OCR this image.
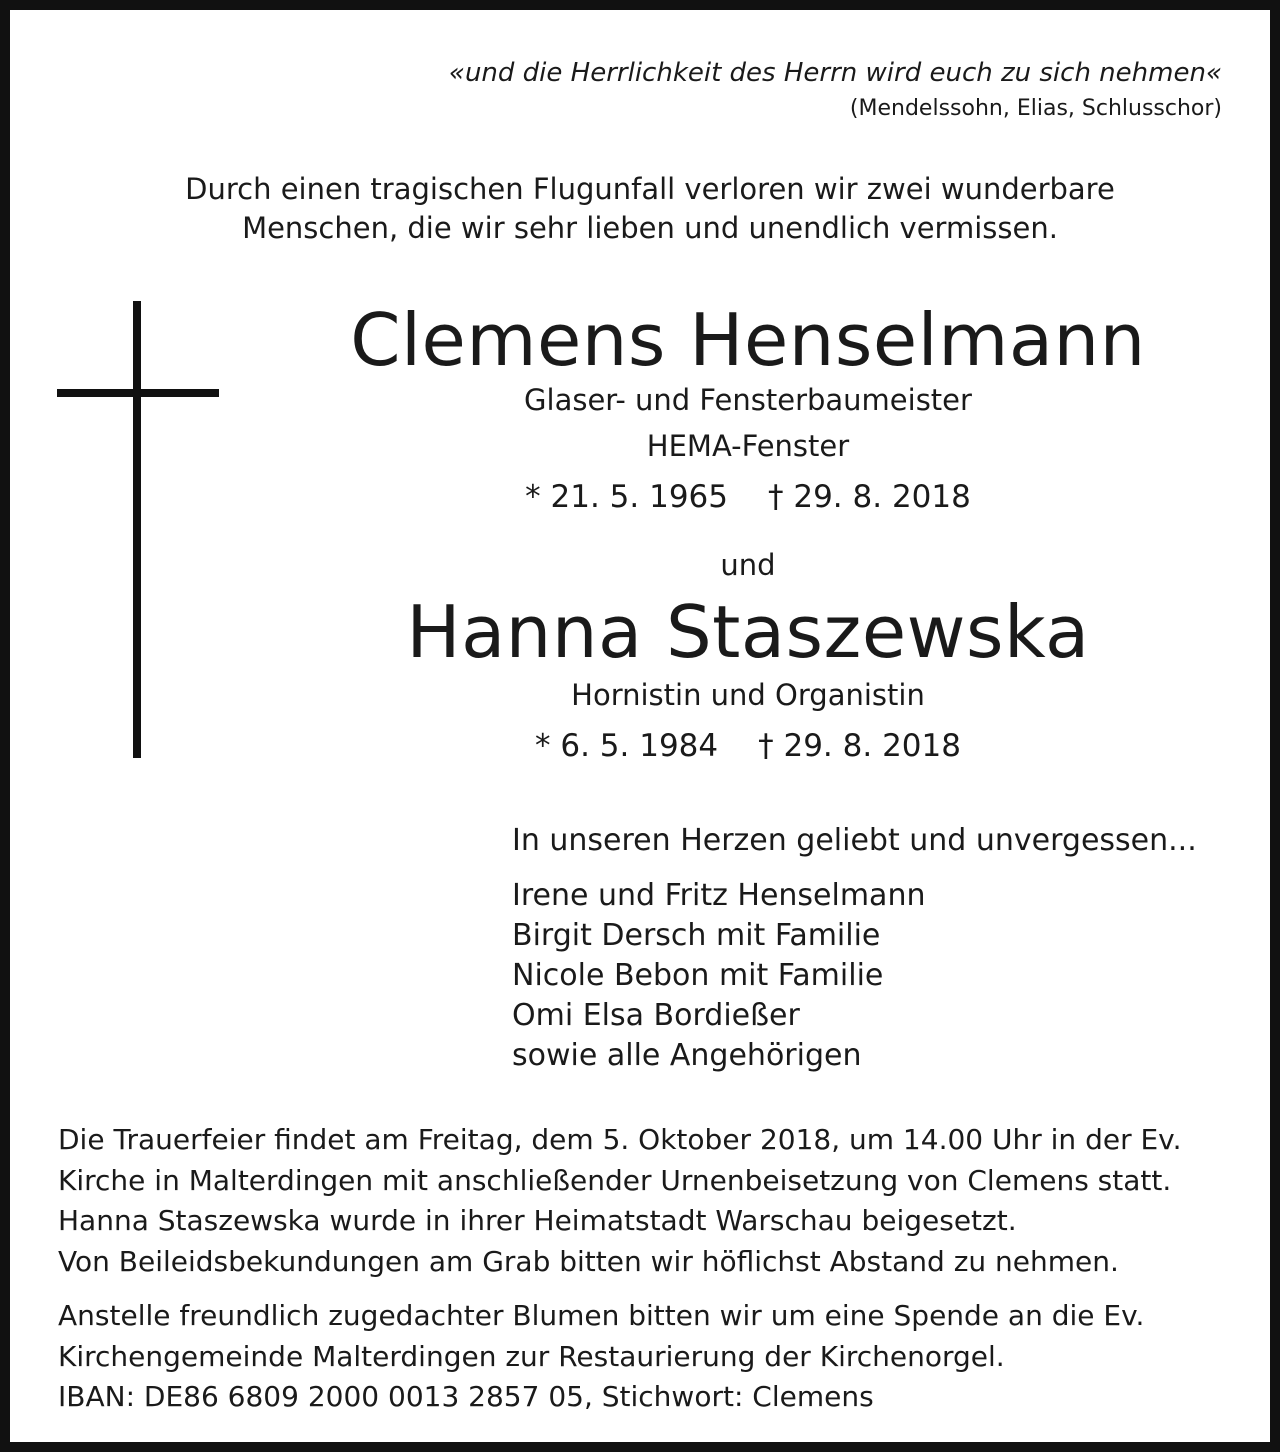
«und die Herrlichkeit des Herrn wird euch zu sich nehmen«
(Mendelssohn, Elias, Schlusschor)
Durch einen tragischen Flugunfall verloren wir zwei wunderbare
Menschen, die wir sehr lieben und unendlich vermissen.
Clemens Henselmann
Glaser- und Fensterbaumeister
HEMA-Fenster
* 21. 5. 1965 † 29. 8. 2018
und
Hanna Staszewska
Hornistin und Organistin
* 6. 5. 1984 † 29. 8. 2018
In unseren Herzen geliebt und unvergessen...
Irene und Fritz Henselmann
Birgit Dersch mit Familie
Nicole Bebon mit Familie
Omi Elsa Bordießer
sowie alle Angehörigen
Die Trauerfeier findet am Freitag, dem 5. Oktober 2018, um 14.00 Uhr in der Ev.
Kirche in Malterdingen mit anschließender Urnenbeisetzung von Clemens statt.
Hanna Staszewska wurde in ihrer Heimatstadt Warschau beigesetzt.
Von Beileidsbekundungen am Grab bitten wir höflichst Abstand zu nehmen.
Anstelle freundlich zugedachter Blumen bitten wir um eine Spende an die Ev.
Kirchengemeinde Malterdingen zur Restaurierung der Kirchenorgel.
IBAN: DE86 6809 2000 0013 2857 05, Stichwort: Clemens
